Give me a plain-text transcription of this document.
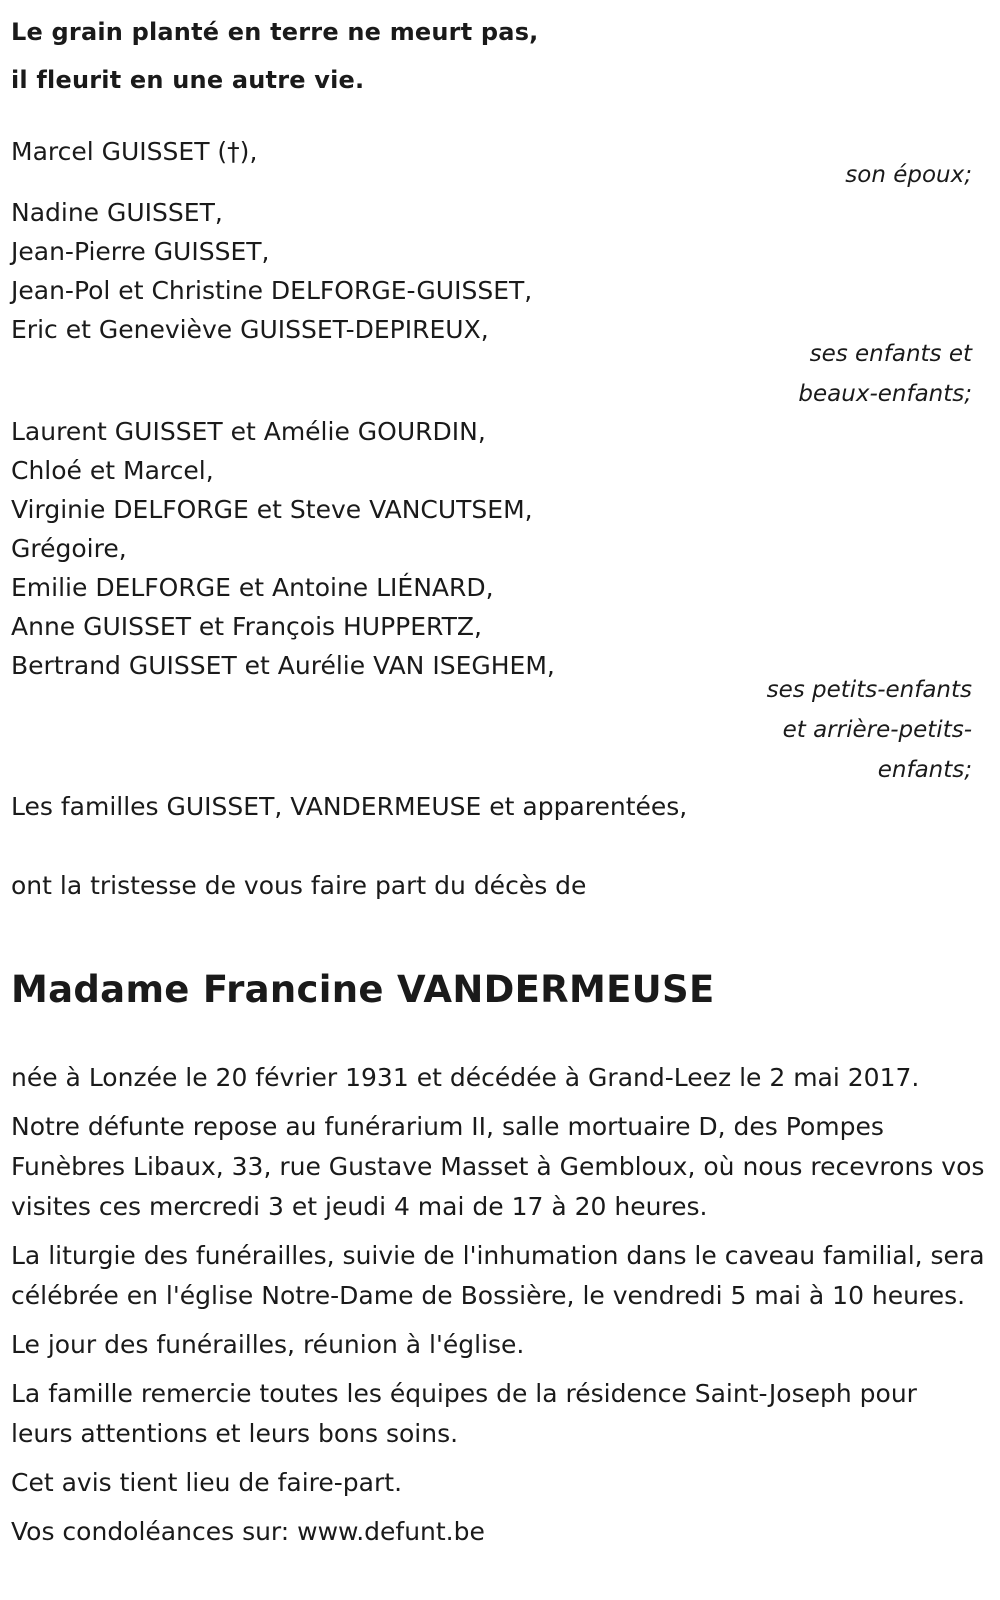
Le grain planté en terre ne meurt pas,
il fleurit en une autre vie.
Marcel GUISSET (†),
son époux;
Nadine GUISSET,
Jean-Pierre GUISSET,
Jean-Pol et Christine DELFORGE-GUISSET,
Eric et Geneviève GUISSET-DEPIREUX,
ses enfants et
beaux-enfants;
Laurent GUISSET et Amélie GOURDIN,
Chloé et Marcel,
Virginie DELFORGE et Steve VANCUTSEM,
Grégoire,
Emilie DELFORGE et Antoine LIÉNARD,
Anne GUISSET et François HUPPERTZ,
Bertrand GUISSET et Aurélie VAN ISEGHEM,
ses petits-enfants
et arrière-petits-
enfants;
Les familles GUISSET, VANDERMEUSE et apparentées,
ont la tristesse de vous faire part du décès de
Madame Francine VANDERMEUSE

née à Lonzée le 20 février 1931 et décédée à Grand-Leez le 2 mai 2017.

Notre défunte repose au funérarium II, salle mortuaire D, des Pompes Funèbres Libaux, 33, rue Gustave Masset à Gembloux, où nous recevrons vos visites ces mercredi 3 et jeudi 4 mai de 17 à 20 heures.

La liturgie des funérailles, suivie de l'inhumation dans le caveau familial, sera célébrée en l'église Notre-Dame de Bossière, le vendredi 5 mai à 10 heures.

Le jour des funérailles, réunion à l'église.

La famille remercie toutes les équipes de la résidence Saint-Joseph pour leurs attentions et leurs bons soins.

Cet avis tient lieu de faire-part.

Vos condoléances sur: www.defunt.be
